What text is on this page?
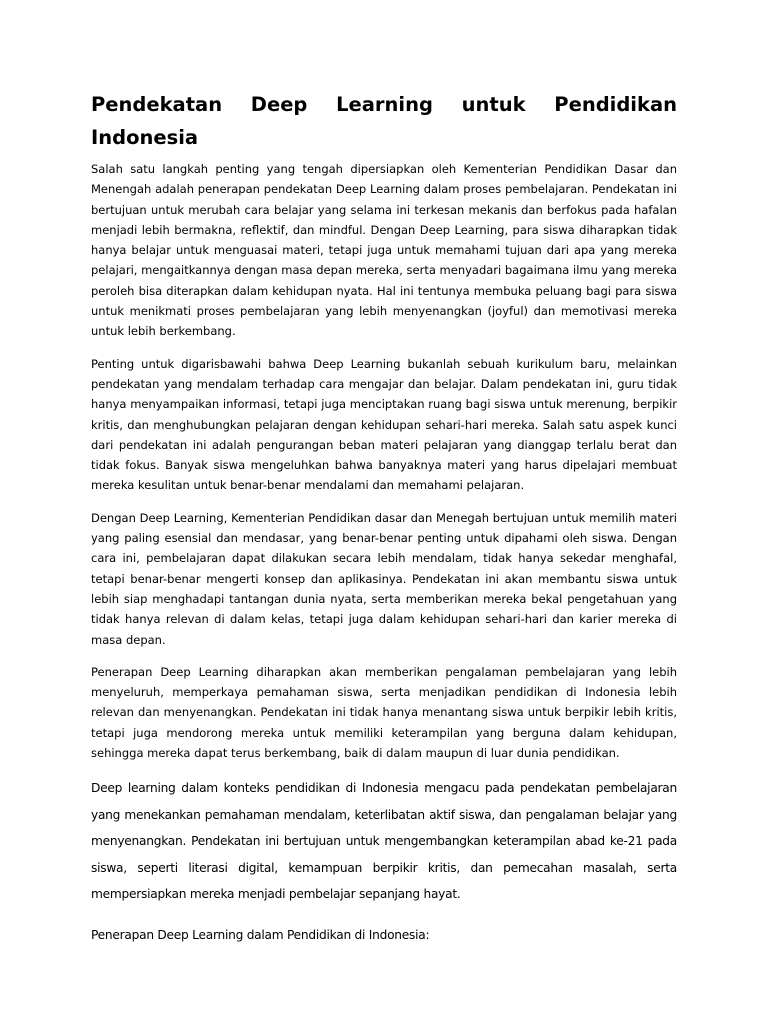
Pendekatan Deep Learning untuk Pendidikan Indonesia

Salah satu langkah penting yang tengah dipersiapkan oleh Kementerian Pendidikan Dasar dan Menengah adalah penerapan pendekatan Deep Learning dalam proses pembelajaran. Pendekatan ini bertujuan untuk merubah cara belajar yang selama ini terkesan mekanis dan berfokus pada hafalan menjadi lebih bermakna, reflektif, dan mindful. Dengan Deep Learning, para siswa diharapkan tidak hanya belajar untuk menguasai materi, tetapi juga untuk memahami tujuan dari apa yang mereka pelajari, mengaitkannya dengan masa depan mereka, serta menyadari bagaimana ilmu yang mereka peroleh bisa diterapkan dalam kehidupan nyata. Hal ini tentunya membuka peluang bagi para siswa untuk menikmati proses pembelajaran yang lebih menyenangkan (joyful) dan memotivasi mereka untuk lebih berkembang.

Penting untuk digarisbawahi bahwa Deep Learning bukanlah sebuah kurikulum baru, melainkan pendekatan yang mendalam terhadap cara mengajar dan belajar. Dalam pendekatan ini, guru tidak hanya menyampaikan informasi, tetapi juga menciptakan ruang bagi siswa untuk merenung, berpikir kritis, dan menghubungkan pelajaran dengan kehidupan sehari-hari mereka. Salah satu aspek kunci dari pendekatan ini adalah pengurangan beban materi pelajaran yang dianggap terlalu berat dan tidak fokus. Banyak siswa mengeluhkan bahwa banyaknya materi yang harus dipelajari membuat mereka kesulitan untuk benar-benar mendalami dan memahami pelajaran.

Dengan Deep Learning, Kementerian Pendidikan dasar dan Menegah bertujuan untuk memilih materi yang paling esensial dan mendasar, yang benar-benar penting untuk dipahami oleh siswa. Dengan cara ini, pembelajaran dapat dilakukan secara lebih mendalam, tidak hanya sekedar menghafal, tetapi benar-benar mengerti konsep dan aplikasinya. Pendekatan ini akan membantu siswa untuk lebih siap menghadapi tantangan dunia nyata, serta memberikan mereka bekal pengetahuan yang tidak hanya relevan di dalam kelas, tetapi juga dalam kehidupan sehari-hari dan karier mereka di masa depan.

Penerapan Deep Learning diharapkan akan memberikan pengalaman pembelajaran yang lebih menyeluruh, memperkaya pemahaman siswa, serta menjadikan pendidikan di Indonesia lebih relevan dan menyenangkan. Pendekatan ini tidak hanya menantang siswa untuk berpikir lebih kritis, tetapi juga mendorong mereka untuk memiliki keterampilan yang berguna dalam kehidupan, sehingga mereka dapat terus berkembang, baik di dalam maupun di luar dunia pendidikan.

Deep learning dalam konteks pendidikan di Indonesia mengacu pada pendekatan pembelajaran yang menekankan pemahaman mendalam, keterlibatan aktif siswa, dan pengalaman belajar yang menyenangkan. Pendekatan ini bertujuan untuk mengembangkan keterampilan abad ke-21 pada siswa, seperti literasi digital, kemampuan berpikir kritis, dan pemecahan masalah, serta mempersiapkan mereka menjadi pembelajar sepanjang hayat.

Penerapan Deep Learning dalam Pendidikan di Indonesia:
